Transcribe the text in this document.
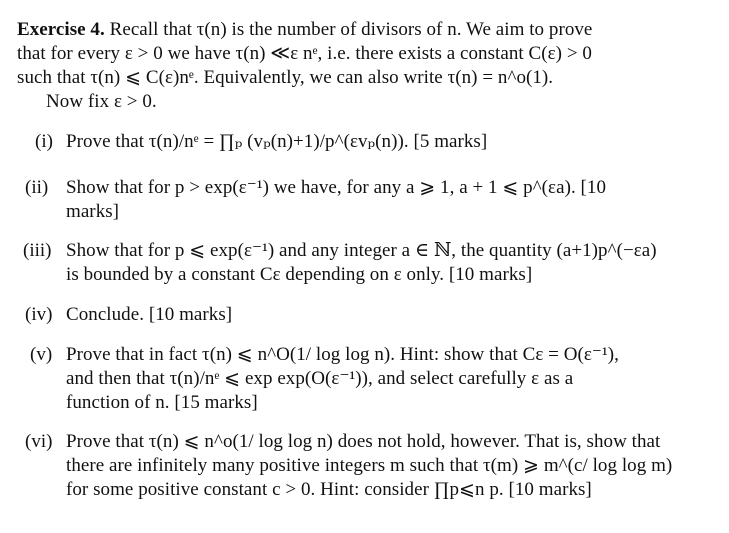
Exercise 4. Recall that τ(n) is the number of divisors of n. We aim to prove
that for every ε > 0 we have τ(n) ≪ε nᵉ, i.e. there exists a constant C(ε) > 0
such that τ(n) ⩽ C(ε)nᵉ. Equivalently, we can also write τ(n) = n^o(1).
Now fix ε > 0.
(i) Prove that τ(n)/nᵉ = ∏ₚ (vₚ(n)+1)/p^(εvₚ(n)). [5 marks]
(ii) Show that for p > exp(ε⁻¹) we have, for any a ⩾ 1, a + 1 ⩽ p^(εa). [10
marks]
(iii) Show that for p ⩽ exp(ε⁻¹) and any integer a ∈ ℕ, the quantity (a+1)p^(−εa)
is bounded by a constant Cε depending on ε only. [10 marks]
(iv) Conclude. [10 marks]
(v) Prove that in fact τ(n) ⩽ n^O(1/ log log n). Hint: show that Cε = O(ε⁻¹),
and then that τ(n)/nᵉ ⩽ exp exp(O(ε⁻¹)), and select carefully ε as a
function of n. [15 marks]
(vi) Prove that τ(n) ⩽ n^o(1/ log log n) does not hold, however. That is, show that
there are infinitely many positive integers m such that τ(m) ⩾ m^(c/ log log m)
for some positive constant c > 0. Hint: consider ∏p⩽n p. [10 marks]
